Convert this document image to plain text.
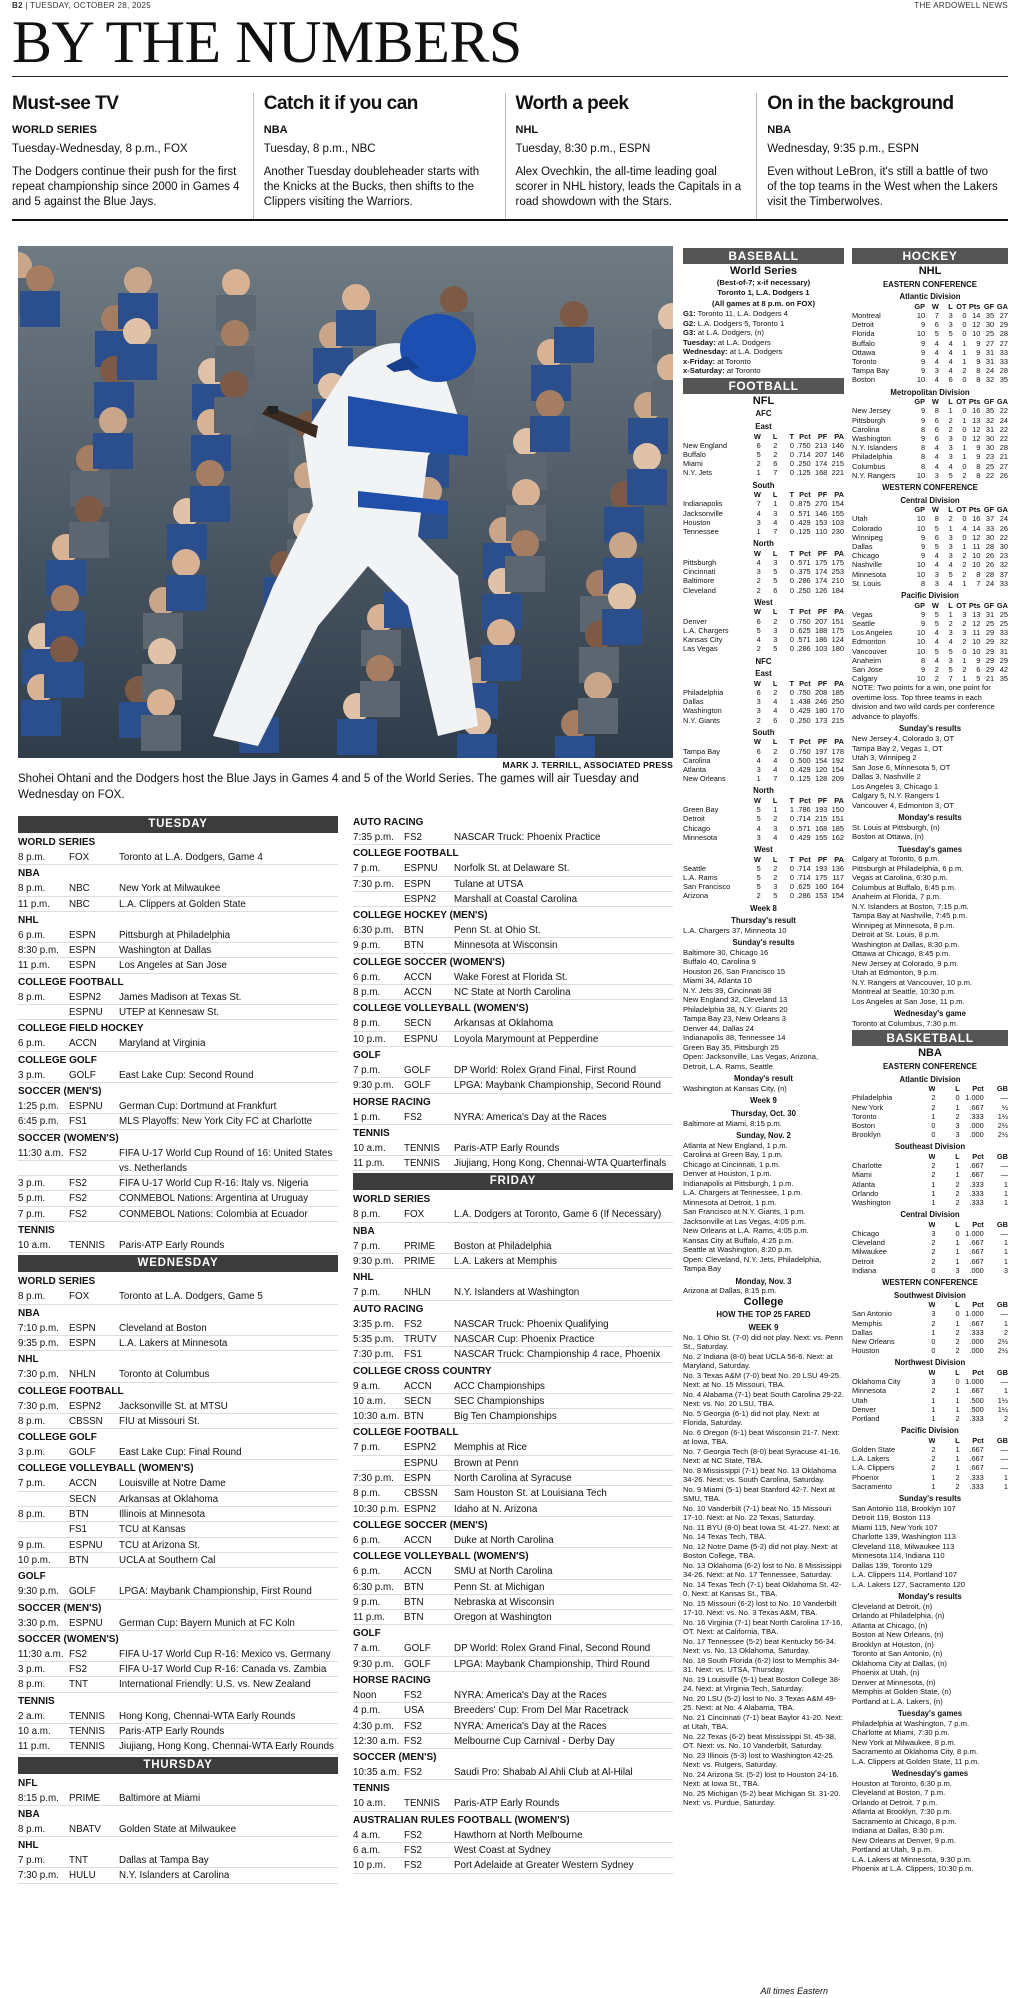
B2 | TUESDAY, OCTOBER 28, 2025	THE ARDOWELL NEWS
BY THE NUMBERS
Must-see TV
WORLD SERIES
Tuesday-Wednesday, 8 p.m., FOX

The Dodgers continue their push for the first repeat championship since 2000 in Games 4 and 5 against the Blue Jays.

Catch it if you can
NBA
Tuesday, 8 p.m., NBC

Another Tuesday doubleheader starts with the Knicks at the Bucks, then shifts to the Clippers visiting the Warriors.

Worth a peek
NHL
Tuesday, 8:30 p.m., ESPN

Alex Ovechkin, the all-time leading goal scorer in NHL history, leads the Capitals in a road showdown with the Stars.

On in the background
NBA
Wednesday, 9:35 p.m., ESPN

Even without LeBron, it's still a battle of two of the top teams in the West when the Lakers visit the Timberwolves.

MARK J. TERRILL, ASSOCIATED PRESS
Shohei Ohtani and the Dodgers host the Blue Jays in Games 4 and 5 of the World Series. The games will air Tuesday and Wednesday on FOX.
TUESDAY
WORLD SERIES
8 p.m.	FOX	Toronto at L.A. Dodgers, Game 4
NBA
8 p.m.	NBC	New York at Milwaukee
11 p.m.	NBC	L.A. Clippers at Golden State
NHL
6 p.m.	ESPN	Pittsburgh at Philadelphia
8:30 p.m.	ESPN	Washington at Dallas
11 p.m.	ESPN	Los Angeles at San Jose
COLLEGE FOOTBALL
8 p.m.	ESPN2	James Madison at Texas St.
ESPNU	UTEP at Kennesaw St.
COLLEGE FIELD HOCKEY
6 p.m.	ACCN	Maryland at Virginia
COLLEGE GOLF
3 p.m.	GOLF	East Lake Cup: Second Round
SOCCER (MEN'S)
1:25 p.m.	ESPNU	German Cup: Dortmund at Frankfurt
6:45 p.m.	FS1	MLS Playoffs: New York City FC at Charlotte
SOCCER (WOMEN'S)
11:30 a.m. FS2	FIFA U-17 World Cup Round of 16: United States
vs. Netherlands
3 p.m.	FS2	FIFA U-17 World Cup R-16: Italy vs. Nigeria
5 p.m.	FS2	CONMEBOL Nations: Argentina at Uruguay
7 p.m.	FS2	CONMEBOL Nations: Colombia at Ecuador
TENNIS
10 a.m.	TENNIS	Paris-ATP Early Rounds
WEDNESDAY
WORLD SERIES
8 p.m.	FOX	Toronto at L.A. Dodgers, Game 5
NBA
7:10 p.m.	ESPN	Cleveland at Boston
9:35 p.m.	ESPN	L.A. Lakers at Minnesota
NHL
7:30 p.m.	NHLN	Toronto at Columbus
COLLEGE FOOTBALL
7:30 p.m.	ESPN2	Jacksonville St. at MTSU
8 p.m.	CBSSN	FIU at Missouri St.
COLLEGE GOLF
3 p.m.	GOLF	East Lake Cup: Final Round
COLLEGE VOLLEYBALL (WOMEN'S)
7 p.m.	ACCN	Louisville at Notre Dame
SECN	Arkansas at Oklahoma
8 p.m.	BTN	Illinois at Minnesota
FS1	TCU at Kansas
9 p.m.	ESPNU	TCU at Arizona St.
10 p.m.	BTN	UCLA at Southern Cal
GOLF
9:30 p.m.	GOLF	LPGA: Maybank Championship, First Round
SOCCER (MEN'S)
3:30 p.m.	ESPNU	German Cup: Bayern Munich at FC Koln
SOCCER (WOMEN'S)
11:30 a.m. FS2	FIFA U-17 World Cup R-16: Mexico vs. Germany
3 p.m.	FS2	FIFA U-17 World Cup R-16: Canada vs. Zambia
8 p.m.	TNT	International Friendly: U.S. vs. New Zealand
TENNIS
2 a.m.	TENNIS	Hong Kong, Chennai-WTA Early Rounds
10 a.m.	TENNIS	Paris-ATP Early Rounds
11 p.m.	TENNIS	Jiujiang, Hong Kong, Chennai-WTA Early Rounds
THURSDAY
NFL
8:15 p.m.	PRIME	Baltimore at Miami
NBA
8 p.m.	NBATV	Golden State at Milwaukee
NHL
7 p.m.	TNT	Dallas at Tampa Bay
7:30 p.m.	HULU	N.Y. Islanders at Carolina
AUTO RACING
7:35 p.m.	FS2	NASCAR Truck: Phoenix Practice
COLLEGE FOOTBALL
7 p.m.	ESPNU	Norfolk St. at Delaware St.
7:30 p.m.	ESPN	Tulane at UTSA
ESPN2	Marshall at Coastal Carolina
COLLEGE HOCKEY (MEN'S)
6:30 p.m.	BTN	Penn St. at Ohio St.
9 p.m.	BTN	Minnesota at Wisconsin
COLLEGE SOCCER (WOMEN'S)
6 p.m.	ACCN	Wake Forest at Florida St.
8 p.m.	ACCN	NC State at North Carolina
COLLEGE VOLLEYBALL (WOMEN'S)
8 p.m.	SECN	Arkansas at Oklahoma
10 p.m.	ESPNU	Loyola Marymount at Pepperdine
GOLF
7 p.m.	GOLF	DP World: Rolex Grand Final, First Round
9:30 p.m.	GOLF	LPGA: Maybank Championship, Second Round
HORSE RACING
1 p.m.	FS2	NYRA: America's Day at the Races
TENNIS
10 a.m.	TENNIS	Paris-ATP Early Rounds
11 p.m.	TENNIS	Jiujiang, Hong Kong, Chennai-WTA Quarterfinals
FRIDAY
WORLD SERIES
8 p.m.	FOX	L.A. Dodgers at Toronto, Game 6 (If Necessary)
NBA
7 p.m.	PRIME	Boston at Philadelphia
9:30 p.m.	PRIME	L.A. Lakers at Memphis
NHL
7 p.m.	NHLN	N.Y. Islanders at Washington
AUTO RACING
3:35 p.m.	FS2	NASCAR Truck: Phoenix Qualifying
5:35 p.m.	TRUTV	NASCAR Cup: Phoenix Practice
7:30 p.m.	FS1	NASCAR Truck: Championship 4 race, Phoenix
COLLEGE CROSS COUNTRY
9 a.m.	ACCN	ACC Championships
10 a.m.	SECN	SEC Championships
10:30 a.m. BTN	Big Ten Championships
COLLEGE FOOTBALL
7 p.m.	ESPN2	Memphis at Rice
ESPNU	Brown at Penn
7:30 p.m.	ESPN	North Carolina at Syracuse
8 p.m.	CBSSN	Sam Houston St. at Louisiana Tech
10:30 p.m. ESPN2	Idaho at N. Arizona
COLLEGE SOCCER (MEN'S)
6 p.m.	ACCN	Duke at North Carolina
COLLEGE VOLLEYBALL (WOMEN'S)
6 p.m.	ACCN	SMU at North Carolina
6:30 p.m.	BTN	Penn St. at Michigan
9 p.m.	BTN	Nebraska at Wisconsin
11 p.m.	BTN	Oregon at Washington
GOLF
7 a.m.	GOLF	DP World: Rolex Grand Final, Second Round
9:30 p.m.	GOLF	LPGA: Maybank Championship, Third Round
HORSE RACING
Noon	FS2	NYRA: America's Day at the Races
4 p.m.	USA	Breeders' Cup: From Del Mar Racetrack
4:30 p.m.	FS2	NYRA: America's Day at the Races
12:30 a.m. FS2	Melbourne Cup Carnival - Derby Day
SOCCER (MEN'S)
10:35 a.m. FS2	Saudi Pro: Shabab Al Ahli Club at Al-Hilal
TENNIS
10 a.m.	TENNIS	Paris-ATP Early Rounds
AUSTRALIAN RULES FOOTBALL (WOMEN'S)
4 a.m.	FS2	Hawthorn at North Melbourne
6 a.m.	FS2	West Coast at Sydney
10 p.m.	FS2	Port Adelaide at Greater Western Sydney
BASEBALL
World Series
(Best-of-7; x-if necessary)
Toronto 1, L.A. Dodgers 1
(All games at 8 p.m. on FOX)
G1: Toronto 11, L.A. Dodgers 4
G2: L.A. Dodgers 5, Toronto 1
G3: at L.A. Dodgers, (n)
Tuesday: at L.A. Dodgers
Wednesday: at L.A. Dodgers
x-Friday: at Toronto
x-Saturday: at Toronto
FOOTBALL
NFL
AFC
East
	W	L	T	Pct	PF	PA
New England	6	2	0	.750	213	146
Buffalo	5	2	0	.714	207	146
Miami	2	6	0	.250	174	215
N.Y. Jets	1	7	0	.125	168	221
South
	W	L	T	Pct	PF	PA
Indianapolis	7	1	0	.875	270	154
Jacksonville	4	3	0	.571	146	155
Houston	3	4	0	.429	153	103
Tennessee	1	7	0	.125	110	230
North
	W	L	T	Pct	PF	PA
Pittsburgh	4	3	0	.571	175	175
Cincinnati	3	5	0	.375	174	253
Baltimore	2	5	0	.286	174	210
Cleveland	2	6	0	.250	126	184
West
	W	L	T	Pct	PF	PA
Denver	6	2	0	.750	207	151
L.A. Chargers	5	3	0	.625	188	175
Kansas City	4	3	0	.571	186	124
Las Vegas	2	5	0	.286	103	180
NFC
East
	W	L	T	Pct	PF	PA
Philadelphia	6	2	0	.750	208	185
Dallas	3	4	1	.438	246	250
Washington	3	4	0	.429	180	170
N.Y. Giants	2	6	0	.250	173	215
South
	W	L	T	Pct	PF	PA
Tampa Bay	6	2	0	.750	197	178
Carolina	4	4	0	.500	154	192
Atlanta	3	4	0	.429	120	154
New Orleans	1	7	0	.125	128	209
North
	W	L	T	Pct	PF	PA
Green Bay	5	1	1	.786	193	150
Detroit	5	2	0	.714	215	151
Chicago	4	3	0	.571	168	185
Minnesota	3	4	0	.429	155	162
West
	W	L	T	Pct	PF	PA
Seattle	5	2	0	.714	193	136
L.A. Rams	5	2	0	.714	175	117
San Francisco	5	3	0	.625	160	164
Arizona	2	5	0	.286	153	154
Week 8
Thursday's result
L.A. Chargers 37, Minneota 10
Sunday's results
Baltimore 30, Chicago 16
Buffalo 40, Carolina 9
Houston 26, San Francisco 15
Miami 34, Atlanta 10
N.Y. Jets 39, Cincinnati 38
New England 32, Cleveland 13
Philadelphia 38, N.Y. Giants 20
Tampa Bay 23, New Orleans 3
Denver 44, Dallas 24
Indianapolis 38, Tennessee 14
Green Bay 35, Pittsburgh 25
Open: Jacksonville, Las Vegas, Arizona, Detroit, L.A. Rams, Seattle
Monday's result
Washington at Kansas City, (n)
Week 9
Thursday, Oct. 30
Baltimore at Miami, 8:15 p.m.
Sunday, Nov. 2
Atlanta at New England, 1 p.m.
Carolina at Green Bay, 1 p.m.
Chicago at Cincinnati, 1 p.m.
Denver at Houston, 1 p.m.
Indianapolis at Pittsburgh, 1 p.m.
L.A. Chargers at Tennessee, 1 p.m.
Minnesota at Detroit, 1 p.m.
San Francisco at N.Y. Giants, 1 p.m.
Jacksonville at Las Vegas, 4:05 p.m.
New Orleans at L.A. Rams, 4:05 p.m.
Kansas City at Buffalo, 4:25 p.m.
Seattle at Washington, 8:20 p.m.
Open: Cleveland, N.Y. Jets, Philadelphia, Tampa Bay
Monday, Nov. 3
Arizona at Dallas, 8:15 p.m.
College
HOW THE TOP 25 FARED
WEEK 9
No. 1 Ohio St. (7-0) did not play. Next: vs. Penn St., Saturday.
No. 2 Indiana (8-0) beat UCLA 56-6. Next: at Maryland, Saturday.
No. 3 Texas A&M (7-0) beat No. 20 LSU 49-25. Next: at No. 15 Missouri, TBA.
No. 4 Alabama (7-1) beat South Carolina 29-22. Next: vs. No. 20 LSU, TBA.
No. 5 Georgia (6-1) did not play. Next: at Florida, Saturday.
No. 6 Oregon (6-1) beat Wisconsin 21-7. Next: at Iowa, TBA.
No. 7 Georgia Tech (8-0) beat Syracuse 41-16. Next: at NC State, TBA.
No. 8 Mississippi (7-1) beat No. 13 Oklahoma 34-26. Next: vs. South Carolina, Saturday.
No. 9 Miami (5-1) beat Stanford 42-7. Next at SMU, TBA.
No. 10 Vanderbilt (7-1) beat No. 15 Missouri 17-10. Next: at No. 22 Texas, Saturday.
No. 11 BYU (8-0) beat Iowa St. 41-27. Next: at No. 14 Texas Tech, TBA.
No. 12 Notre Dame (5-2) did not play. Next: at Boston College, TBA.
No. 13 Oklahoma (6-2) lost to No. 8 Mississippi 34-26. Next: at No. 17 Tennessee, Saturday.
No. 14 Texas Tech (7-1) beat Oklahoma St. 42-0. Next: at Kansas St., TBA.
No. 15 Missouri (6-2) lost to No. 10 Vanderbilt 17-10. Next: vs. No. 3 Texas A&M, TBA.
No. 16 Virginia (7-1) beat North Carolina 17-16, OT. Next: at California, TBA.
No. 17 Tennessee (5-2) beat Kentucky 56-34. Next: vs. No. 13 Oklahoma, Saturday.
No. 18 South Florida (6-2) lost to Memphis 34-31. Next: vs. UTSA, Thursday.
No. 19 Louisville (5-1) beat Boston College 38-24. Next: at Virginia Tech, Saturday.
No. 20 LSU (5-2) lost to No. 3 Texas A&M 49-25. Next: at No. 4 Alabama, TBA.
No. 21 Cincinnati (7-1) beat Baylor 41-20. Next: at Utah, TBA.
No. 22 Texas (6-2) beat Mississippi St. 45-38, OT. Next: vs. No. 10 Vanderbilt, Saturday.
No. 23 Illinois (5-3) lost to Washington 42-25. Next: vs. Rutgers, Saturday.
No. 24 Arizona St. (5-2) lost to Houston 24-16. Next: at Iowa St., TBA.
No. 25 Michigan (5-2) beat Michigan St. 31-20. Next: vs. Purdue, Saturday.
HOCKEY
NHL
EASTERN CONFERENCE
Atlantic Division
	GP	W	L	OT	Pts	GF	GA
Montreal	10	7	3	0	14	35	27
Detroit	9	6	3	0	12	30	29
Florida	10	5	5	0	10	25	28
Buffalo	9	4	4	1	9	27	27
Ottawa	9	4	4	1	9	31	33
Toronto	9	4	4	1	9	31	33
Tampa Bay	9	3	4	2	8	24	28
Boston	10	4	6	0	8	32	35
Metropolitan Division
	GP	W	L	OT	Pts	GF	GA
New Jersey	9	8	1	0	16	35	22
Pittsburgh	9	6	2	1	13	32	24
Carolina	8	6	2	0	12	31	22
Washington	9	6	3	0	12	30	22
N.Y. Islanders	8	4	3	1	9	30	28
Philadelphia	8	4	3	1	9	23	21
Columbus	8	4	4	0	8	25	27
N.Y. Rangers	10	3	5	2	8	22	26
WESTERN CONFERENCE
Central Division
	GP	W	L	OT	Pts	GF	GA
Utah	10	8	2	0	16	37	24
Colorado	10	5	1	4	14	33	26
Winnipeg	9	6	3	0	12	30	22
Dallas	9	5	3	1	11	28	30
Chicago	9	4	3	2	10	26	23
Nashville	10	4	4	2	10	26	32
Minnesota	10	3	5	2	8	28	37
St. Louis	8	3	4	1	7	24	33
Pacific Division
	GP	W	L	OT	Pts	GF	GA
Vegas	9	5	1	3	13	31	25
Seattle	9	5	2	2	12	25	25
Los Angeles	10	4	3	3	11	29	33
Edmonton	10	4	4	2	10	29	32
Vancouver	10	5	5	0	10	29	31
Anaheim	8	4	3	1	9	29	29
San Jose	9	2	5	2	6	29	42
Calgary	10	2	7	1	5	21	35
NOTE: Two points for a win, one point for overtime loss. Top three teams in each division and two wild cards per conference advance to playoffs.
Sunday's results
New Jersey 4, Colorado 3, OT
Tampa Bay 2, Vegas 1, OT
Utah 3, Winnipeg 2
San Jose 6, Minnesota 5, OT
Dallas 3, Nashville 2
Los Angeles 3, Chicago 1
Calgary 5, N.Y. Rangers 1
Vancouver 4, Edmonton 3, OT
Monday's results
St. Louis at Pittsburgh, (n)
Boston at Ottawa, (n)
Tuesday's games
Calgary at Toronto, 6 p.m.
Pittsburgh at Philadelphia, 6 p.m.
Vegas at Carolina, 6:30 p.m.
Columbus at Buffalo, 6:45 p.m.
Anaheim at Florida, 7 p.m.
N.Y. Islanders at Boston, 7:15 p.m.
Tampa Bay at Nashville, 7:45 p.m.
Winnipeg at Minnesota, 8 p.m.
Detroit at St. Louis, 8 p.m.
Washington at Dallas, 8:30 p.m.
Ottawa at Chicago, 8:45 p.m.
New Jersey at Colorado, 9 p.m.
Utah at Edmonton, 9 p.m.
N.Y. Rangers at Vancouver, 10 p.m.
Montreal at Seattle, 10:30 p.m.
Los Angeles at San Jose, 11 p.m.
Wednesday's game
Toronto at Columbus, 7:30 p.m.
BASKETBALL
NBA
EASTERN CONFERENCE
Atlantic Division
	W	L	Pct	GB
Philadelphia	2	0	1.000	—
New York	2	1	.667	½
Toronto	1	2	.333	1½
Boston	0	3	.000	2½
Brooklyn	0	3	.000	2½
Southeast Division
	W	L	Pct	GB
Charlotte	2	1	.667	—
Miami	2	1	.667	—
Atlanta	1	2	.333	1
Orlando	1	2	.333	1
Washington	1	2	.333	1
Central Division
	W	L	Pct	GB
Chicago	3	0	1.000	—
Cleveland	2	1	.667	1
Milwaukee	2	1	.667	1
Detroit	2	1	.667	1
Indiana	0	3	.000	3
WESTERN CONFERENCE
Southwest Division
	W	L	Pct	GB
San Antonio	3	0	1.000	—
Memphis	2	1	.667	1
Dallas	1	2	.333	2
New Orleans	0	2	.000	2½
Houston	0	2	.000	2½
Northwest Division
	W	L	Pct	GB
Oklahoma City	3	0	1.000	—
Minnesota	2	1	.667	1
Utah	1	1	.500	1½
Denver	1	1	.500	1½
Portland	1	2	.333	2
Pacific Division
	W	L	Pct	GB
Golden State	2	1	.667	—
L.A. Lakers	2	1	.667	—
L.A. Clippers	2	1	.667	—
Phoenix	1	2	.333	1
Sacramento	1	2	.333	1
Sunday's results
San Antonio 118, Brooklyn 107
Detroit 119, Boston 113
Miami 115, New York 107
Charlotte 139, Washington 113
Cleveland 118, Milwaukee 113
Minnesota 114, Indiana 110
Dallas 139, Toronto 129
L.A. Clippers 114, Portland 107
L.A. Lakers 127, Sacramento 120
Monday's results
Cleveland at Detroit, (n)
Orlando at Philadelphia, (n)
Atlanta at Chicago, (n)
Boston at New Orleans, (n)
Brooklyn at Houston, (n)
Toronto at San Antonio, (n)
Oklahoma City at Dallas, (n)
Phoenix at Utah, (n)
Denver at Minnesota, (n)
Memphis at Golden State, (n)
Portland at L.A. Lakers, (n)
Tuesday's games
Philadelphia at Washington, 7 p.m.
Charlotte at Miami, 7:30 p.m.
New York at Milwaukee, 8 p.m.
Sacramento at Oklahoma City, 8 p.m.
L.A. Clippers at Golden State, 11 p.m.
Wednesday's games
Houston at Toronto, 6:30 p.m.
Cleveland at Boston, 7 p.m.
Orlando at Detroit, 7 p.m.
Atlanta at Brooklyn, 7:30 p.m.
Sacramento at Chicago, 8 p.m.
Indiana at Dallas, 8:30 p.m.
New Orleans at Denver, 9 p.m.
Portland at Utah, 9 p.m.
L.A. Lakers at Minnesota, 9:30 p.m.
Phoenix at L.A. Clippers, 10:30 p.m.
All times Eastern
